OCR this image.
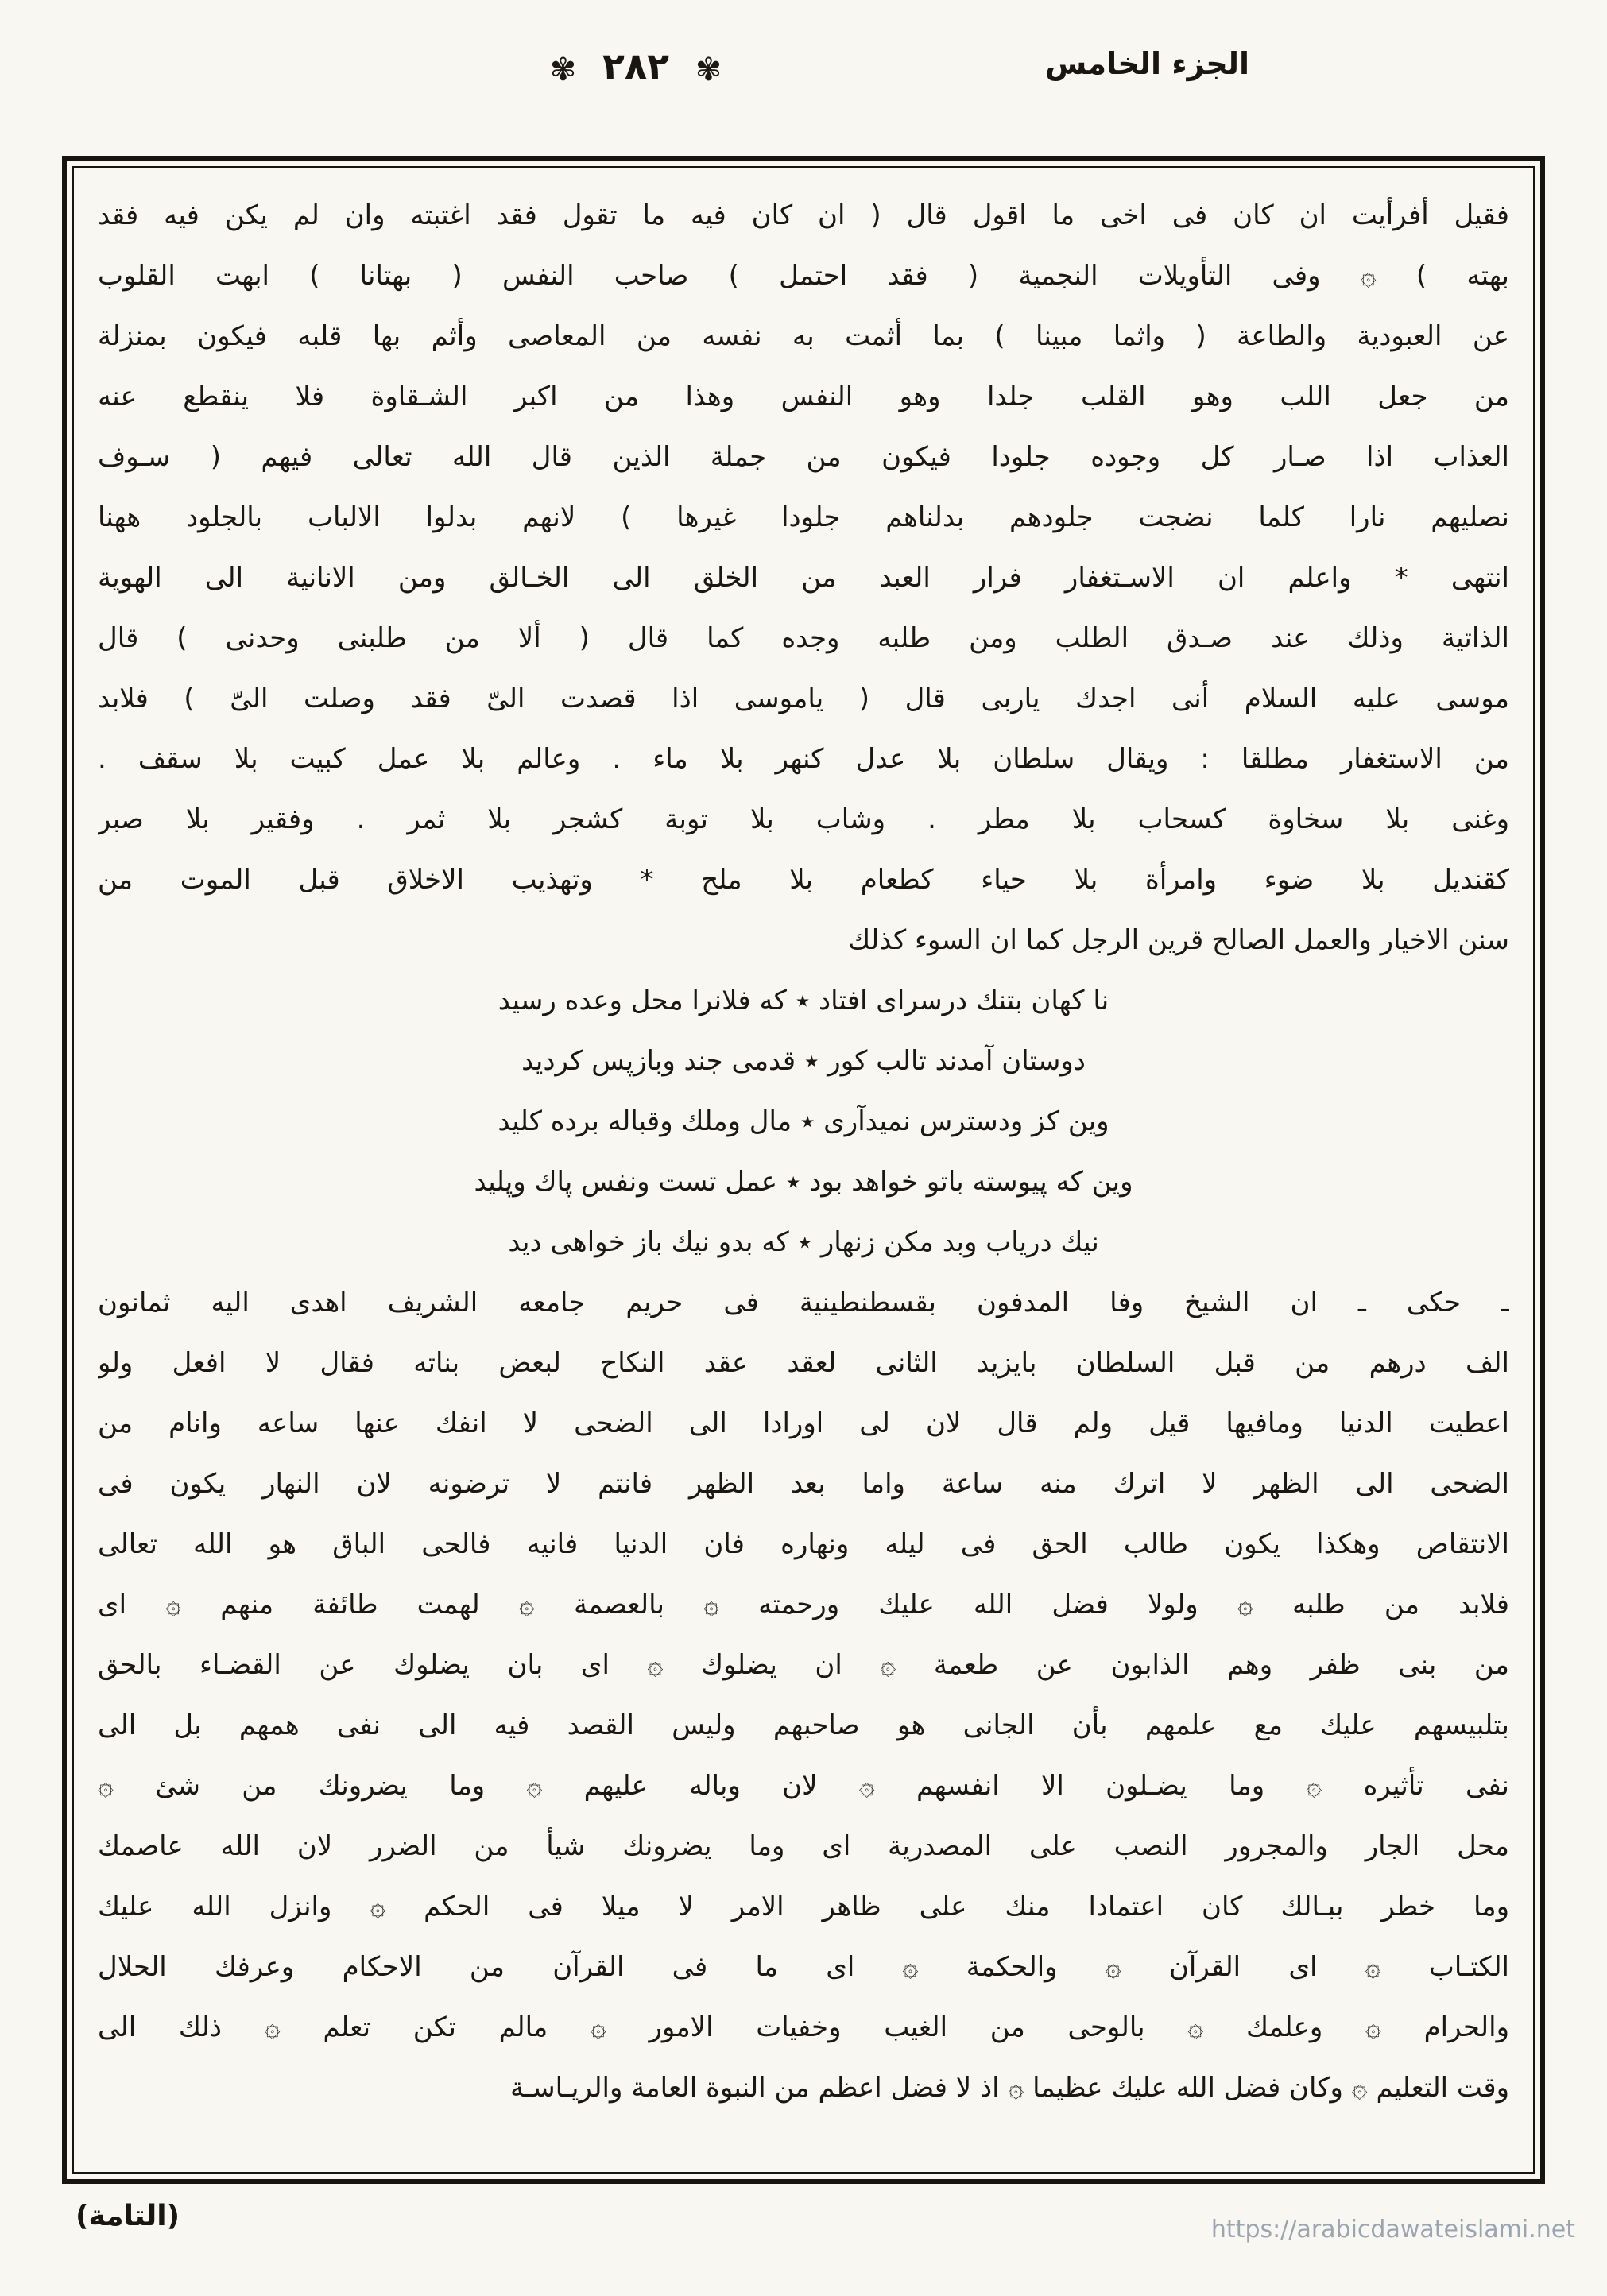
✾ ٢٨٢ ✾	الجزء الخامس
فقيل أفرأيت ان كان فى اخى ما اقول قال ( ان كان فيه ما تقول فقد اغتبته وان لم يكن فيه فقد
بهته ) ۞ وفى التأويلات النجمية ( فقد احتمل ) صاحب النفس ( بهتانا ) ابهت القلوب
عن العبودية والطاعة ( واثما مبينا ) بما أثمت به نفسه من المعاصى وأثم بها قلبه فيكون بمنزلة
من جعل اللب وهو القلب جلدا وهو النفس وهذا من اكبر الشـقاوة فلا ينقطع عنه
العذاب اذا صـار كل وجوده جلودا فيكون من جملة الذين قال الله تعالى فيهم ( سـوف
نصليهم نارا كلما نضجت جلودهم بدلناهم جلودا غيرها ) لانهم بدلوا الالباب بالجلود ههنا
انتهى * واعلم ان الاسـتغفار فرار العبد من الخلق الى الخـالق ومن الانانية الى الهوية
الذاتية وذلك عند صـدق الطلب ومن طلبه وجده كما قال ( ألا من طلبنى وحدنى ) قال
موسى عليه السلام أنى اجدك ياربى قال ( ياموسى اذا قصدت الىّ فقد وصلت الىّ ) فلابد
من الاستغفار مطلقا : ويقال سلطان بلا عدل كنهر بلا ماء . وعالم بلا عمل كبيت بلا سقف .
وغنى بلا سخاوة كسحاب بلا مطر . وشاب بلا توبة كشجر بلا ثمر . وفقير بلا صبر
كقنديل بلا ضوء وامرأة بلا حياء كطعام بلا ملح * وتهذيب الاخلاق قبل الموت من
سنن الاخيار والعمل الصالح قرين الرجل كما ان السوء كذلك
نا كهان بتنك درسراى افتاد ٭ كه فلانرا محل وعده رسيد
دوستان آمدند تالب كور ٭ قدمى جند وبازپس كرديد
وين كز ودسترس نميدآرى ٭ مال وملك وقباله برده كليد
وين كه پيوسته باتو خواهد بود ٭ عمل تست ونفس پاك وپليد
نيك درياب وبد مكن زنهار ٭ كه بدو نيك باز خواهى ديد
ـ حكى ـ ان الشيخ وفا المدفون بقسطنطينية فى حريم جامعه الشريف اهدى اليه ثمانون
الف درهم من قبل السلطان بايزيد الثانى لعقد عقد النكاح لبعض بناته فقال لا افعل ولو
اعطيت الدنيا ومافيها قيل ولم قال لان لى اورادا الى الضحى لا انفك عنها ساعه وانام من
الضحى الى الظهر لا اترك منه ساعة واما بعد الظهر فانتم لا ترضونه لان النهار يكون فى
الانتقاص وهكذا يكون طالب الحق فى ليله ونهاره فان الدنيا فانيه فالحى الباق هو الله تعالى
فلابد من طلبه ۞ ولولا فضل الله عليك ورحمته ۞ بالعصمة ۞ لهمت طائفة منهم ۞ اى
من بنى ظفر وهم الذابون عن طعمة ۞ ان يضلوك ۞ اى بان يضلوك عن القضـاء بالحق
بتلبيسهم عليك مع علمهم بأن الجانى هو صاحبهم وليس القصد فيه الى نفى همهم بل الى
نفى تأثيره ۞ وما يضـلون الا انفسهم ۞ لان وباله عليهم ۞ وما يضرونك من شئ ۞
محل الجار والمجرور النصب على المصدرية اى وما يضرونك شيأ من الضرر لان الله عاصمك
وما خطر ببـالك كان اعتمادا منك على ظاهر الامر لا ميلا فى الحكم ۞ وانزل الله عليك
الكتـاب ۞ اى القرآن ۞ والحكمة ۞ اى ما فى القرآن من الاحكام وعرفك الحلال
والحرام ۞ وعلمك ۞ بالوحى من الغيب وخفيات الامور ۞ مالم تكن تعلم ۞ ذلك الى
وقت التعليم ۞ وكان فضل الله عليك عظيما ۞ اذ لا فضل اعظم من النبوة العامة والريـاسـة
(التامة)	https://arabicdawateislami.net
